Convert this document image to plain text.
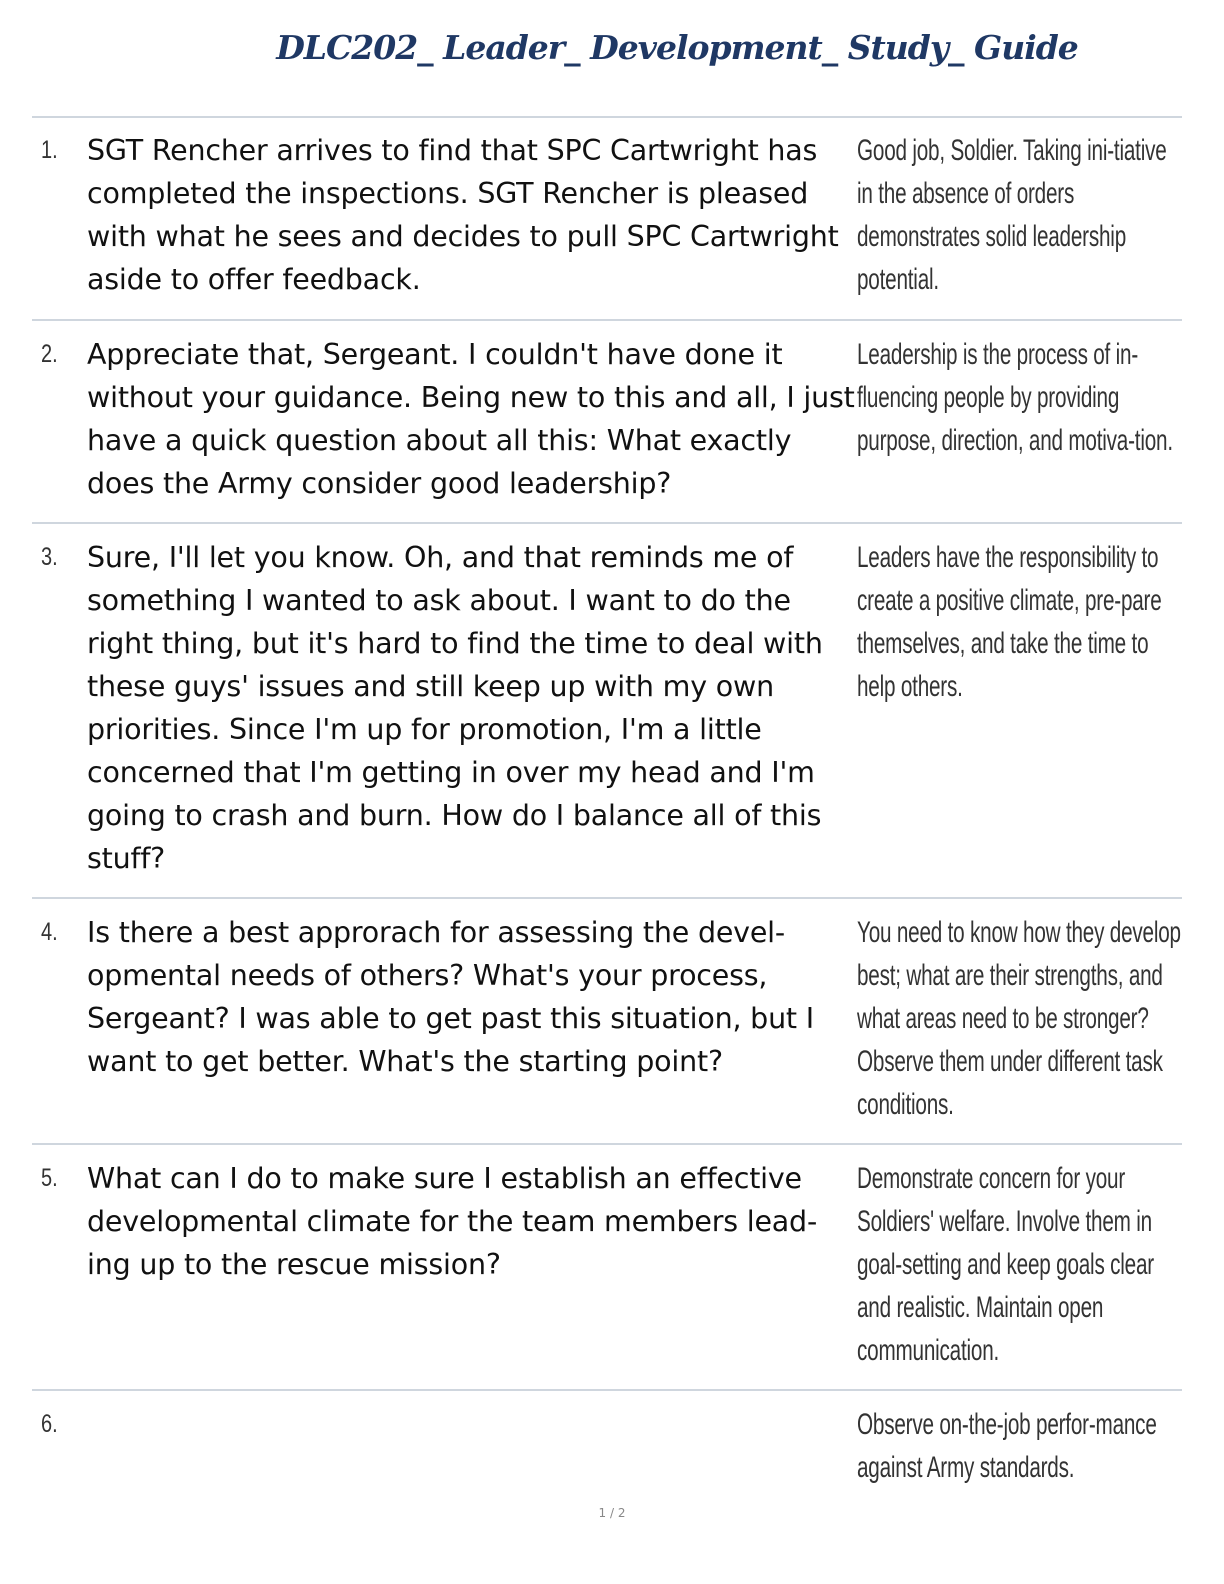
DLC202_ Leader_ Development_ Study_ Guide
1. SGT Rencher arrives to find that SPC Cartwright has completed the inspections. SGT Rencher is pleased with what he sees and decides to pull SPC Cartwright aside to offer feedback.
Good job, Soldier. Taking ini-tiative in the absence of orders demonstrates solid leadership potential.
2. Appreciate that, Sergeant. I couldn't have done it without your guidance. Being new to this and all, I just have a quick question about all this: What exactly does the Army consider good leadership?
Leadership is the process of in-fluencing people by providing purpose, direction, and motiva-tion.
3. Sure, I'll let you know. Oh, and that reminds me of something I wanted to ask about. I want to do the right thing, but it's hard to find the time to deal with these guys' issues and still keep up with my own priorities. Since I'm up for promotion, I'm a little concerned that I'm getting in over my head and I'm going to crash and burn. How do I balance all of this stuff?
Leaders have the responsibility to create a positive climate, pre-pare themselves, and take the time to help others.
4. Is there a best approrach for assessing the devel-opmental needs of others? What's your process, Sergeant? I was able to get past this situation, but I want to get better. What's the starting point?
You need to know how they develop best; what are their strengths, and what areas need to be stronger? Observe them under different task conditions.
5. What can I do to make sure I establish an effective developmental climate for the team members lead-ing up to the rescue mission?
Demonstrate concern for your Soldiers' welfare. Involve them in goal-setting and keep goals clear and realistic. Maintain open communication.
6.	Observe on-the-job perfor-mance against Army standards.
1 / 2
